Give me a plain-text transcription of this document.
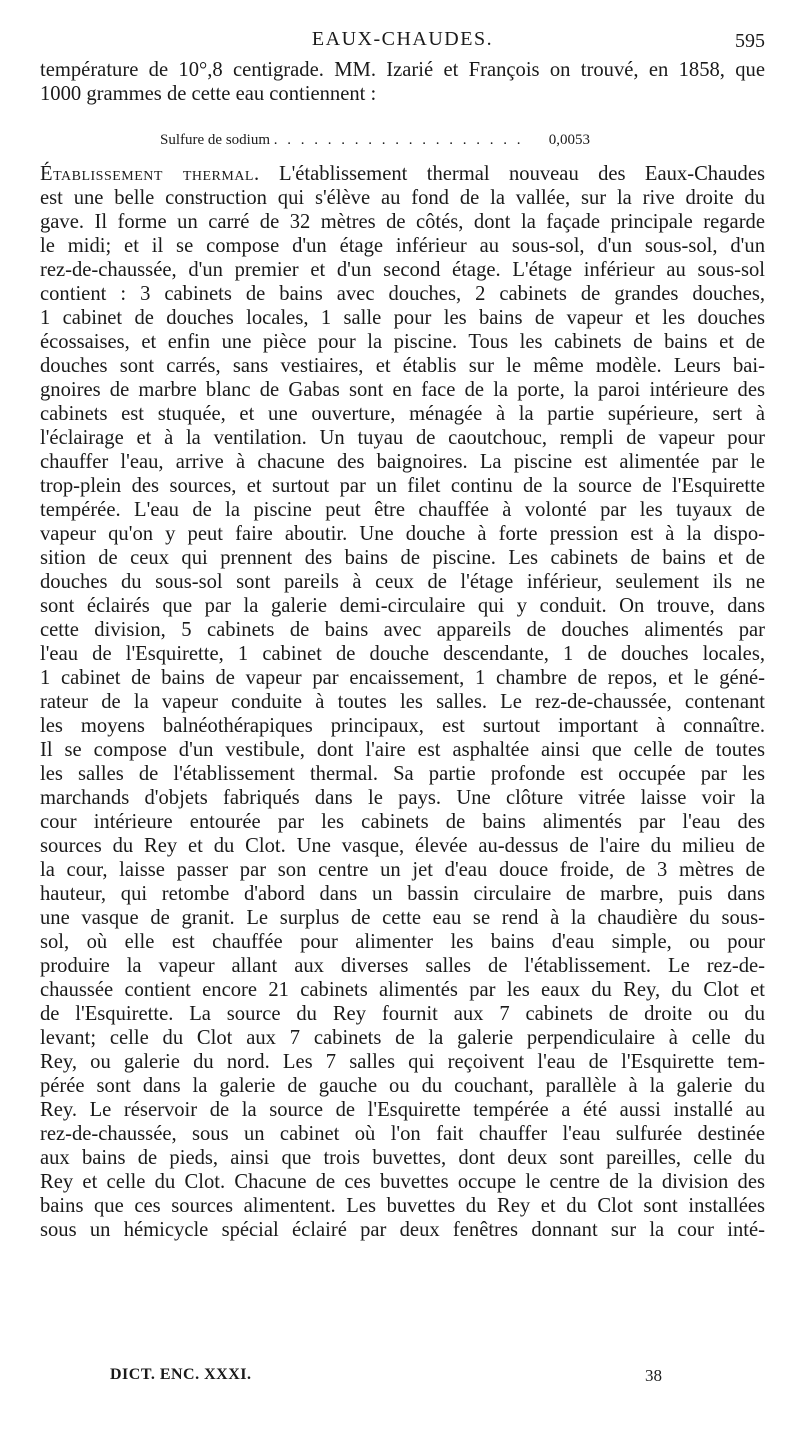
EAUX-CHAUDES.	595
température de 10°,8 centigrade. MM. Izarié et François on trouvé, en 1858, que
1000 grammes de cette eau contiennent :
Sulfure de sodium . . . . . . . . . . . . . . . . . . . 0,0053
Établissement thermal. L'établissement thermal nouveau des Eaux-Chaudes
est une belle construction qui s'élève au fond de la vallée, sur la rive droite du
gave. Il forme un carré de 32 mètres de côtés, dont la façade principale regarde
le midi; et il se compose d'un étage inférieur au sous-sol, d'un sous-sol, d'un
rez-de-chaussée, d'un premier et d'un second étage. L'étage inférieur au sous-sol
contient : 3 cabinets de bains avec douches, 2 cabinets de grandes douches,
1 cabinet de douches locales, 1 salle pour les bains de vapeur et les douches
écossaises, et enfin une pièce pour la piscine. Tous les cabinets de bains et de
douches sont carrés, sans vestiaires, et établis sur le même modèle. Leurs bai-
gnoires de marbre blanc de Gabas sont en face de la porte, la paroi intérieure des
cabinets est stuquée, et une ouverture, ménagée à la partie supérieure, sert à
l'éclairage et à la ventilation. Un tuyau de caoutchouc, rempli de vapeur pour
chauffer l'eau, arrive à chacune des baignoires. La piscine est alimentée par le
trop-plein des sources, et surtout par un filet continu de la source de l'Esquirette
tempérée. L'eau de la piscine peut être chauffée à volonté par les tuyaux de
vapeur qu'on y peut faire aboutir. Une douche à forte pression est à la dispo-
sition de ceux qui prennent des bains de piscine. Les cabinets de bains et de
douches du sous-sol sont pareils à ceux de l'étage inférieur, seulement ils ne
sont éclairés que par la galerie demi-circulaire qui y conduit. On trouve, dans
cette division, 5 cabinets de bains avec appareils de douches alimentés par
l'eau de l'Esquirette, 1 cabinet de douche descendante, 1 de douches locales,
1 cabinet de bains de vapeur par encaissement, 1 chambre de repos, et le géné-
rateur de la vapeur conduite à toutes les salles. Le rez-de-chaussée, contenant
les moyens balnéothérapiques principaux, est surtout important à connaître.
Il se compose d'un vestibule, dont l'aire est asphaltée ainsi que celle de toutes
les salles de l'établissement thermal. Sa partie profonde est occupée par les
marchands d'objets fabriqués dans le pays. Une clôture vitrée laisse voir la
cour intérieure entourée par les cabinets de bains alimentés par l'eau des
sources du Rey et du Clot. Une vasque, élevée au-dessus de l'aire du milieu de
la cour, laisse passer par son centre un jet d'eau douce froide, de 3 mètres de
hauteur, qui retombe d'abord dans un bassin circulaire de marbre, puis dans
une vasque de granit. Le surplus de cette eau se rend à la chaudière du sous-
sol, où elle est chauffée pour alimenter les bains d'eau simple, ou pour
produire la vapeur allant aux diverses salles de l'établissement. Le rez-de-
chaussée contient encore 21 cabinets alimentés par les eaux du Rey, du Clot et
de l'Esquirette. La source du Rey fournit aux 7 cabinets de droite ou du
levant; celle du Clot aux 7 cabinets de la galerie perpendiculaire à celle du
Rey, ou galerie du nord. Les 7 salles qui reçoivent l'eau de l'Esquirette tem-
pérée sont dans la galerie de gauche ou du couchant, parallèle à la galerie du
Rey. Le réservoir de la source de l'Esquirette tempérée a été aussi installé au
rez-de-chaussée, sous un cabinet où l'on fait chauffer l'eau sulfurée destinée
aux bains de pieds, ainsi que trois buvettes, dont deux sont pareilles, celle du
Rey et celle du Clot. Chacune de ces buvettes occupe le centre de la division des
bains que ces sources alimentent. Les buvettes du Rey et du Clot sont installées
sous un hémicycle spécial éclairé par deux fenêtres donnant sur la cour inté-
DICT. ENC. XXXI.	38
